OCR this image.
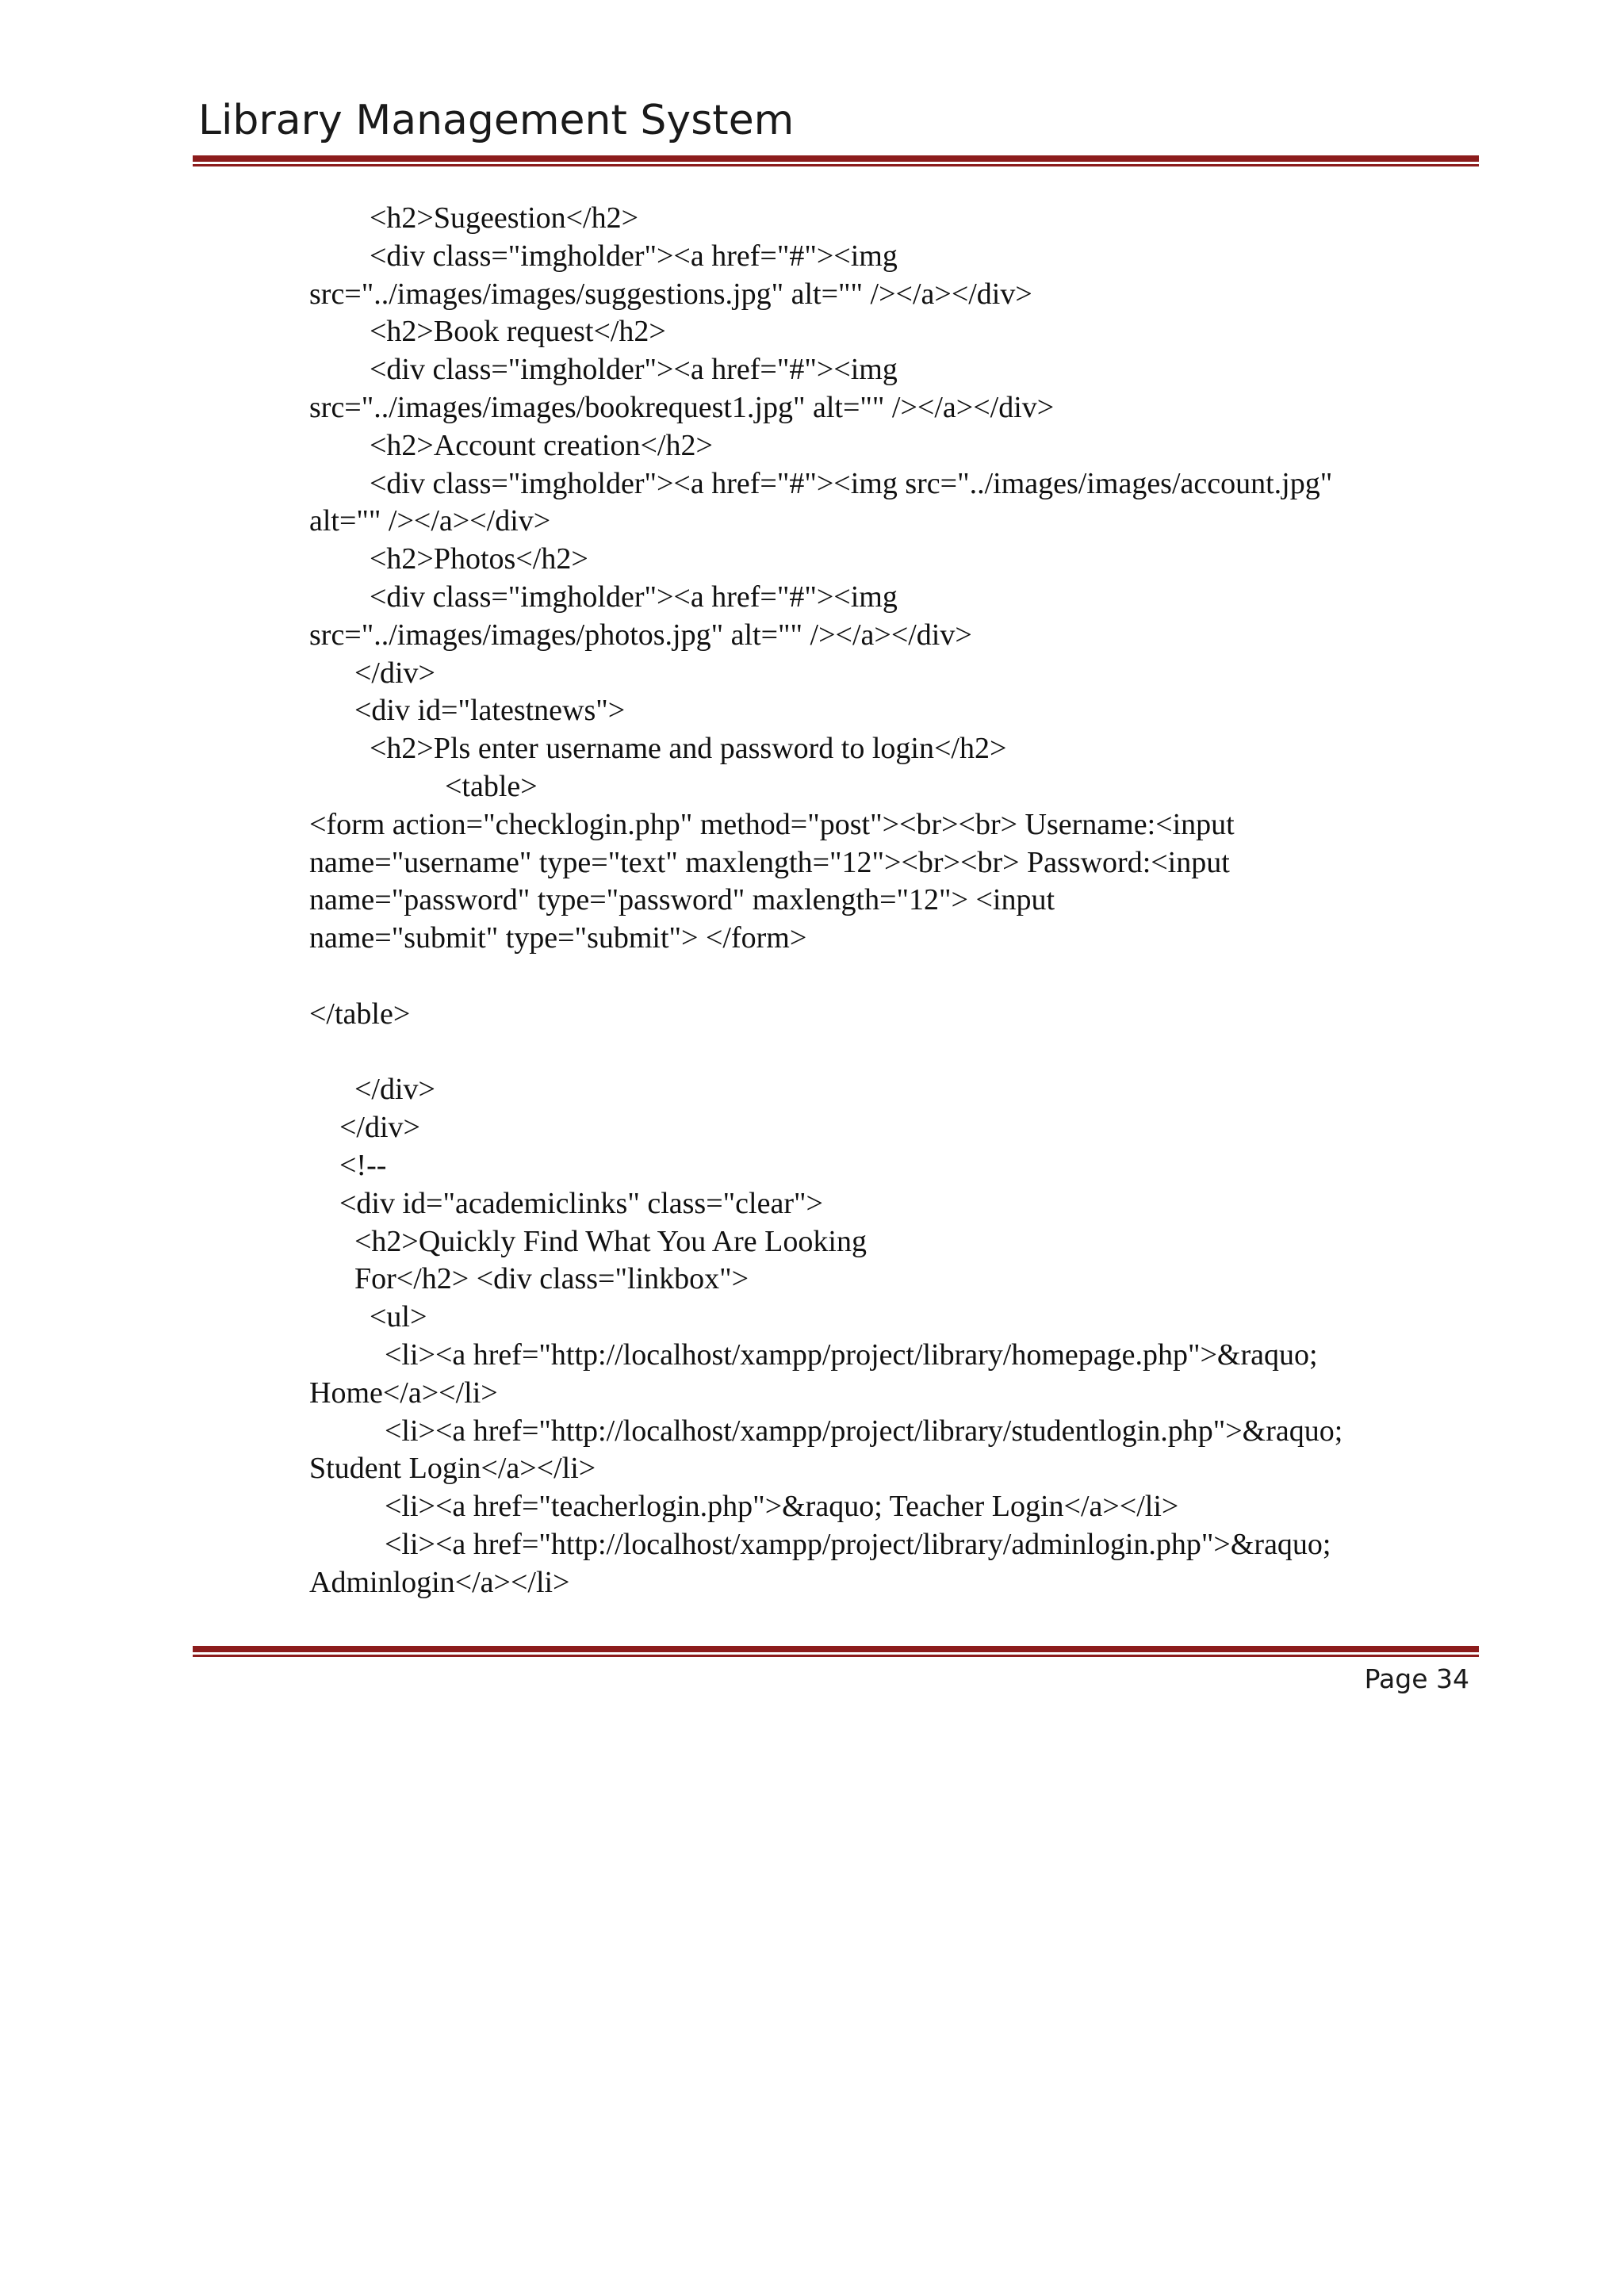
Library Management System
<h2>Sugeestion</h2>
<div class="imgholder"><a href="#"><img
src="../images/images/suggestions.jpg" alt="" /></a></div>
<h2>Book request</h2>
<div class="imgholder"><a href="#"><img
src="../images/images/bookrequest1.jpg" alt="" /></a></div>
<h2>Account creation</h2>
<div class="imgholder"><a href="#"><img src="../images/images/account.jpg"
alt="" /></a></div>
<h2>Photos</h2>
<div class="imgholder"><a href="#"><img
src="../images/images/photos.jpg" alt="" /></a></div>
</div>
<div id="latestnews">
<h2>Pls enter username and password to login</h2>
<table>
<form action="checklogin.php" method="post"><br><br> Username:<input
name="username" type="text" maxlength="12"><br><br> Password:<input
name="password" type="password" maxlength="12"> <input
name="submit" type="submit"> </form>
</table>
</div>
</div>
<!--
<div id="academiclinks" class="clear">
<h2>Quickly Find What You Are Looking
For</h2> <div class="linkbox">
<ul>
<li><a href="http://localhost/xampp/project/library/homepage.php">&raquo;
Home</a></li>
<li><a href="http://localhost/xampp/project/library/studentlogin.php">&raquo;
Student Login</a></li>
<li><a href="teacherlogin.php">&raquo; Teacher Login</a></li>
<li><a href="http://localhost/xampp/project/library/adminlogin.php">&raquo;
Adminlogin</a></li>
Page 34
